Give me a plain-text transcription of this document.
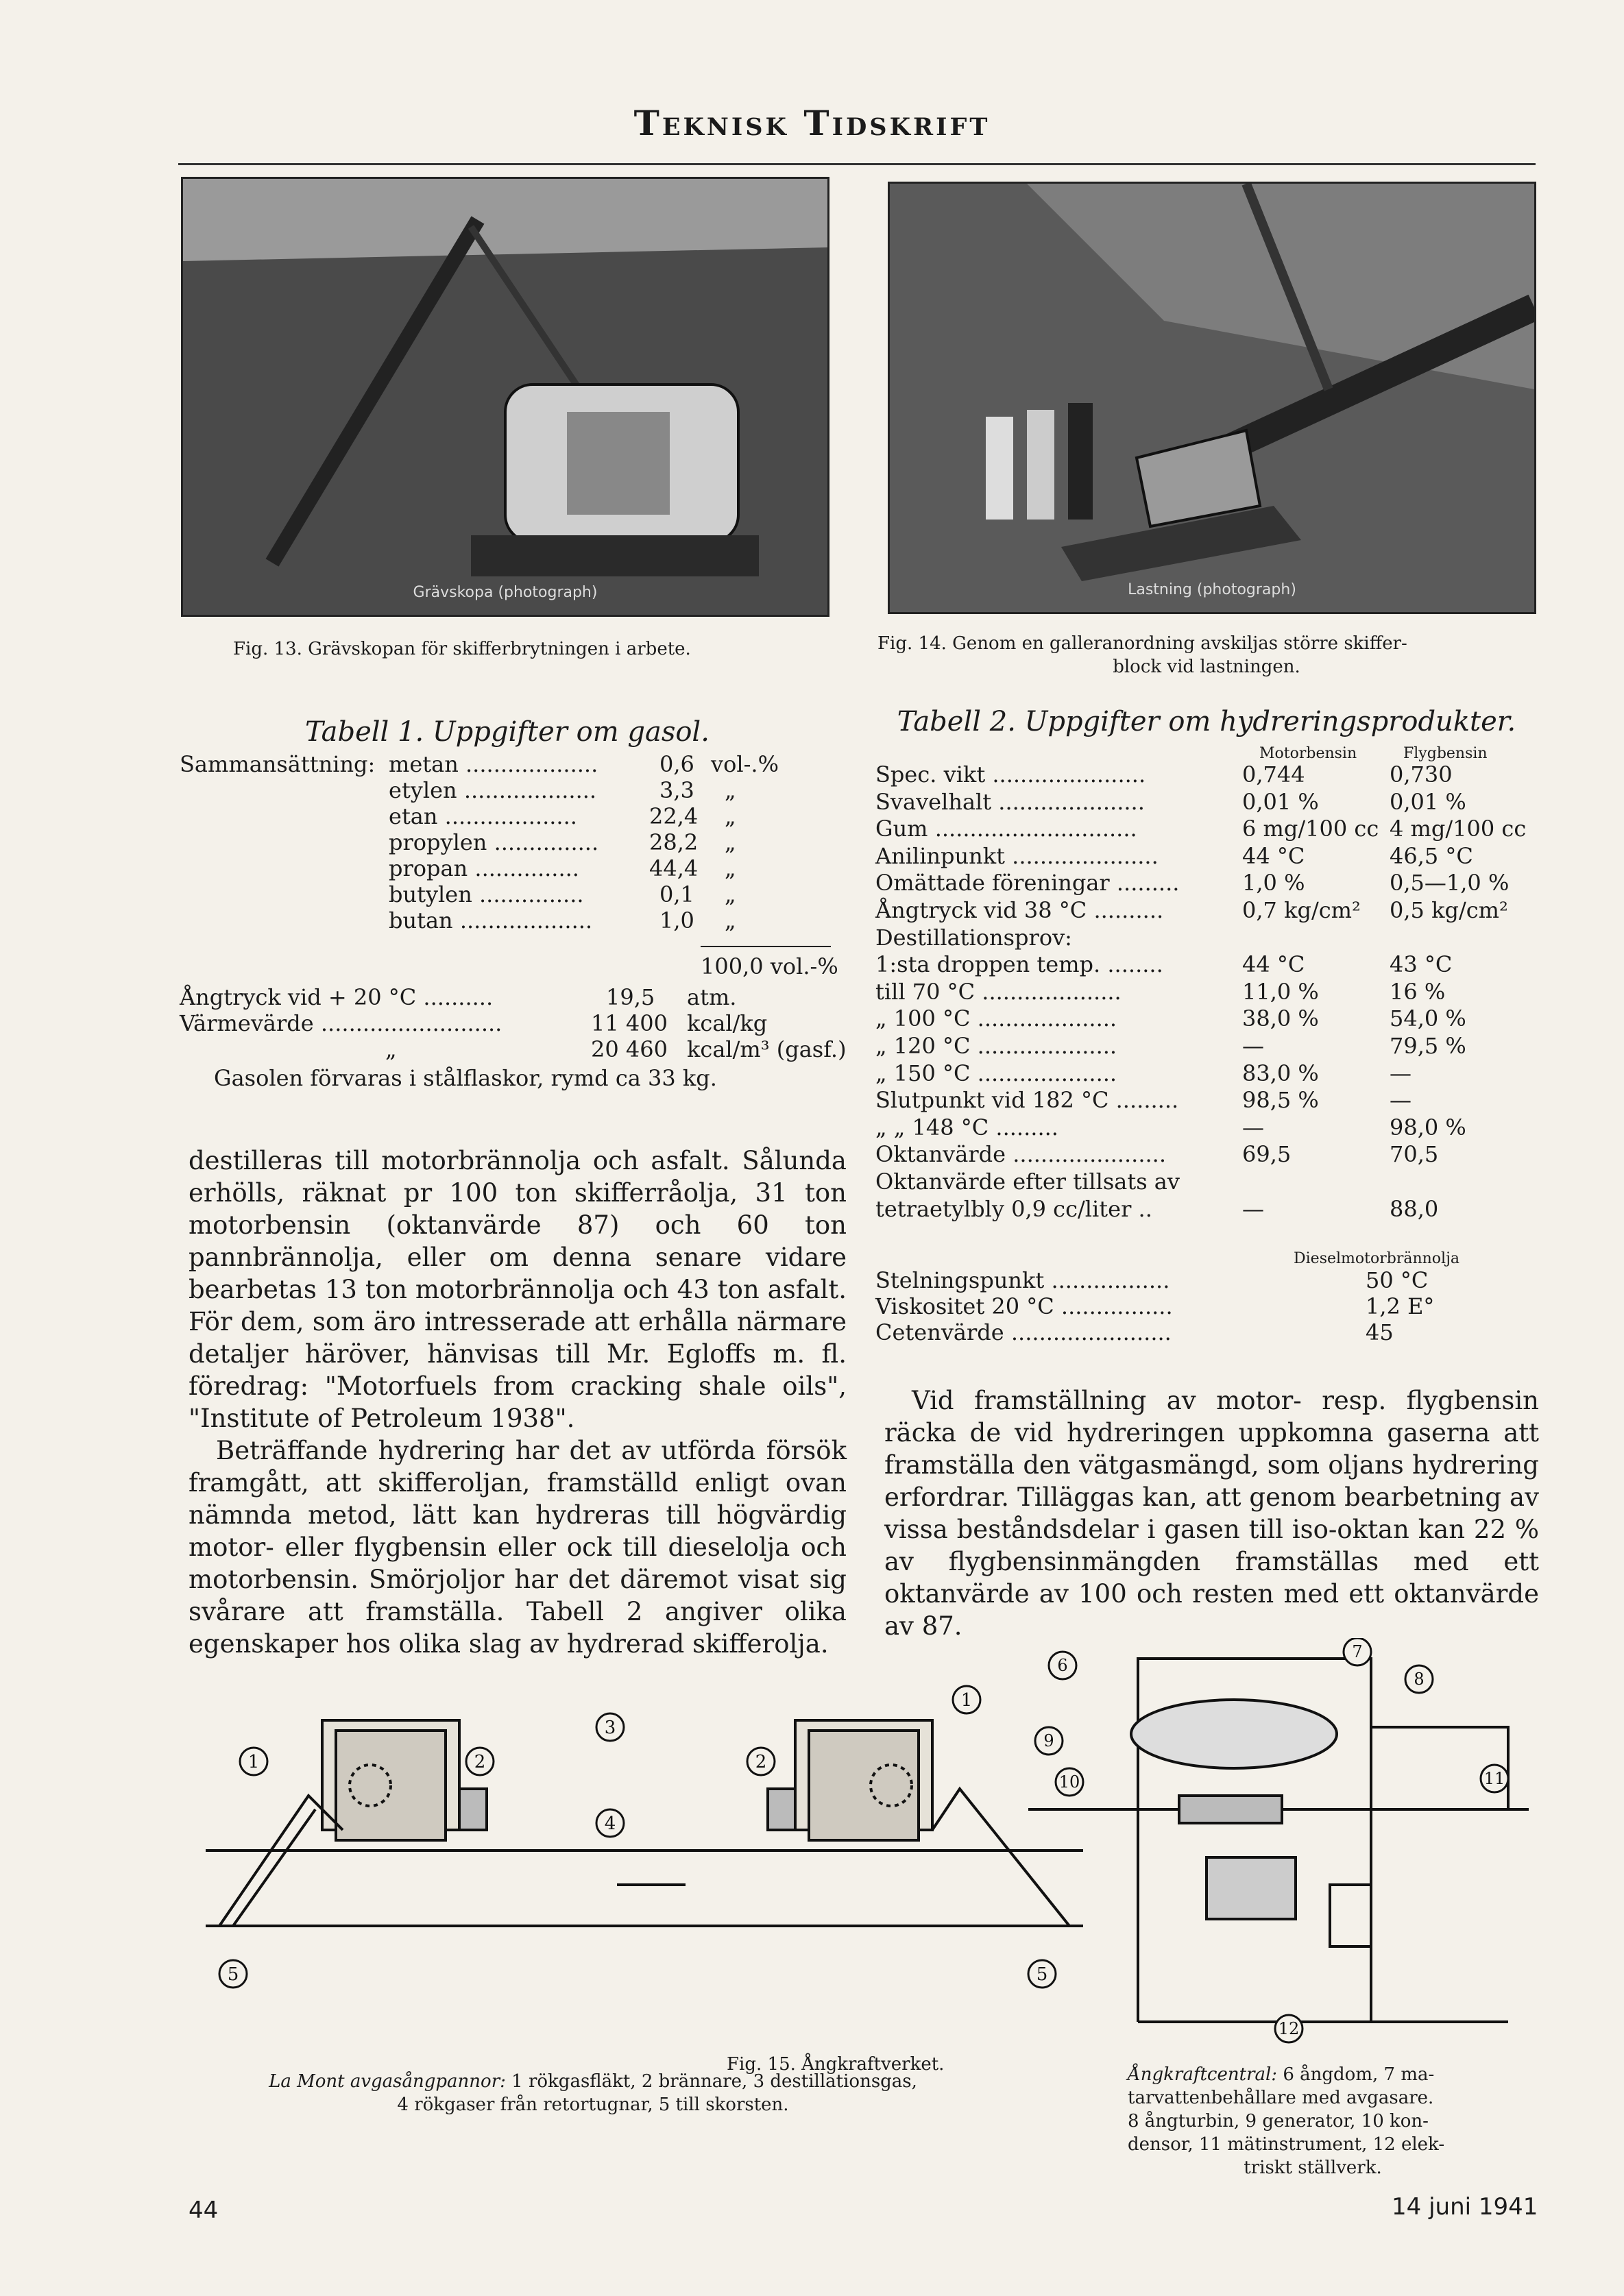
Teknisk Tidskrift
Grävskopa (photograph)
Fig. 13. Grävskopan för skifferbrytningen i arbete.
Lastning (photograph)
Fig. 14. Genom en galleranordning avskiljas större skiffer-
block vid lastningen.
Tabell 1. Uppgifter om gasol.
Sammansättning: metan ...................	0,6 vol-.%
etylen ...................	3,3 „
etan ...................	22,4 „
propylen ............... 28,2 „
propan ...............	44,4 „
butylen ...............	0,1 „
butan ...................	1,0 „
100,0 vol.-%
Ångtryck vid + 20 °C ..........	19,5 atm.
Värmevärde ..........................	11 400 kcal/kg
„	20 460 kcal/m³ (gasf.)
Gasolen förvaras i stålflaskor, rymd ca 33 kg.

destilleras till motorbrännolja och asfalt. Sålunda erhölls, räknat pr 100 ton skifferråolja, 31 ton motorbensin (oktanvärde 87) och 60 ton pannbrännolja, eller om denna senare vidare bearbetas 13 ton motorbrännolja och 43 ton asfalt. För dem, som äro intresserade att erhålla närmare detaljer häröver, hänvisas till Mr. Egloffs m. fl. föredrag: "Motorfuels from cracking shale oils", "Institute of Petroleum 1938".

Beträffande hydrering har det av utförda försök framgått, att skifferoljan, framställd enligt ovan nämnda metod, lätt kan hydreras till högvärdig motor- eller flygbensin eller ock till dieselolja och motorbensin. Smörjoljor har det däremot visat sig svårare att framställa. Tabell 2 angiver olika egenskaper hos olika slag av hydrerad skifferolja.

Tabell 2. Uppgifter om hydreringsprodukter.
Motorbensin	Flygbensin
Spec. vikt ......................	0,744	0,730
Svavelhalt .....................	0,01 %	0,01 %
Gum .............................	6 mg/100 cc 4 mg/100 cc
Anilinpunkt .....................	44 °C	46,5 °C
Omättade föreningar .........	1,0 %	0,5—1,0 %
Ångtryck vid 38 °C ..........	0,7 kg/cm² 0,5 kg/cm²
Destillationsprov:
1:sta droppen temp. ........	44 °C	43 °C
till 70 °C ....................	11,0 %	16 %
„ 100 °C ....................	38,0 %	54,0 %
„ 120 °C ....................	—	79,5 %
„ 150 °C ....................	83,0 %	—
Slutpunkt vid 182 °C .........	98,5 %	—
„ „ 148 °C .........	—	98,0 %
Oktanvärde ......................	69,5	70,5
Oktanvärde efter tillsats av
tetraetylbly 0,9 cc/liter ..	—	88,0
Stelningspunkt .................	50 °C
Viskositet 20 °C ................	1,2 E°
Cetenvärde .......................	45
Dieselmotorbrännolja

Vid framställning av motor- resp. flygbensin räcka de vid hydreringen uppkomna gaserna att framställa den vätgasmängd, som oljans hydrering erfordrar. Tilläggas kan, att genom bearbetning av vissa beståndsdelar i gasen till iso-oktan kan 22 % av flygbensinmängden framställas med ett oktanvärde av 100 och resten med ett oktanvärde av 87.

1	2
3
4
5
2
1
5
6
7
8
9
10	11
12
Fig. 15. Ångkraftverket.
La Mont avgasångpannor: 1 rökgasfläkt, 2 brännare, 3 destillationsgas,
4 rökgaser från retortugnar, 5 till skorsten.
Ångkraftcentral: 6 ångdom, 7 ma-
tarvattenbehållare med avgasare.
8 ångturbin, 9 generator, 10 kon-
densor, 11 mätinstrument, 12 elek-
triskt ställverk.
44	14 juni 1941
